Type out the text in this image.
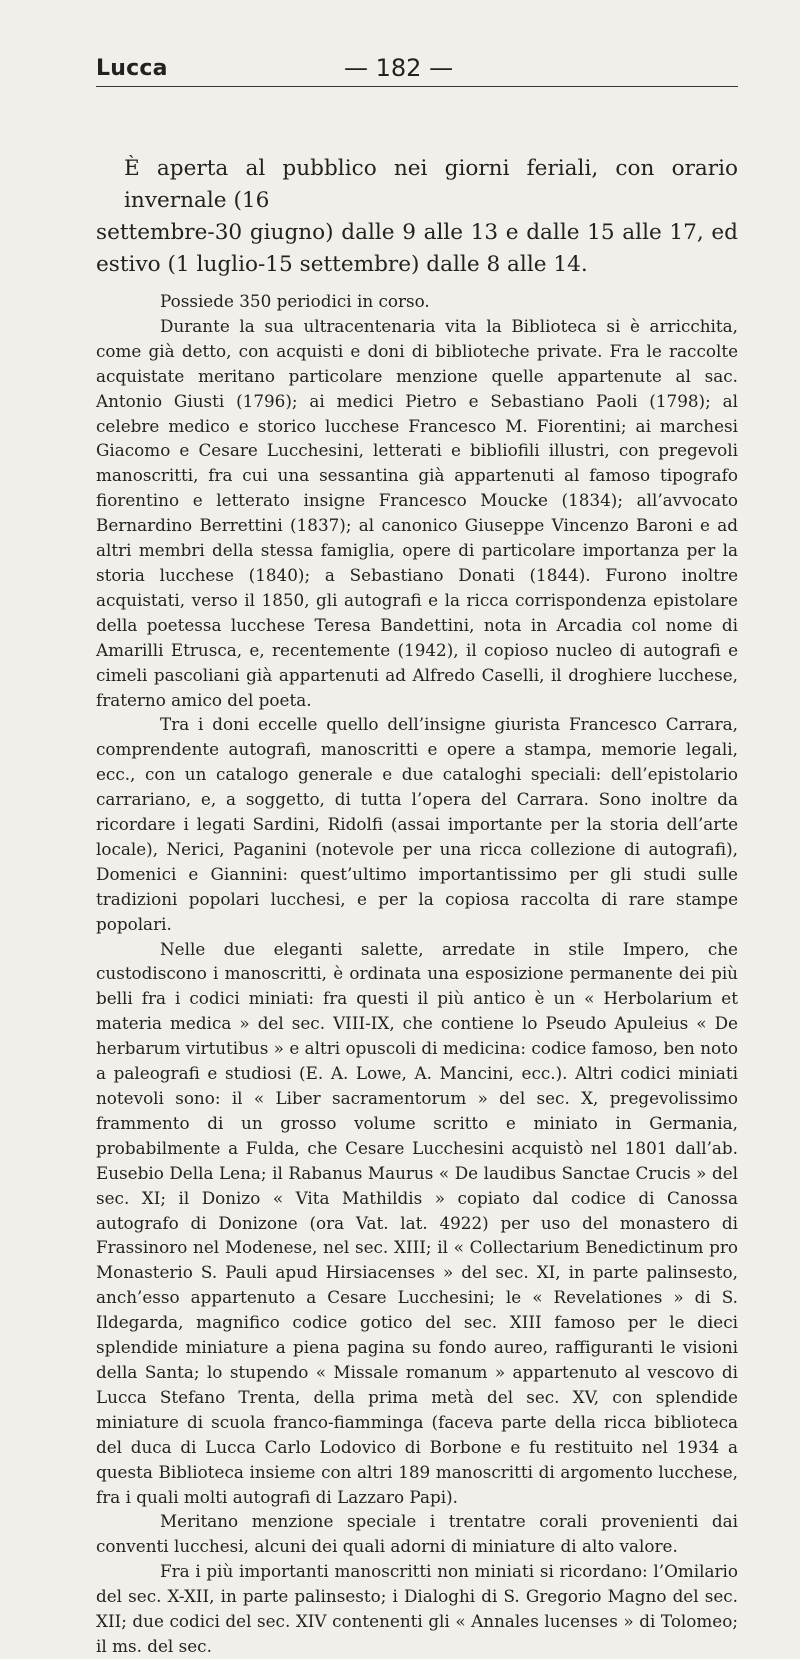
Lucca	— 182 —

È aperta al pubblico nei giorni feriali, con orario invernale (16
settembre-30 giugno) dalle 9 alle 13 e dalle 15 alle 17, ed estivo (1 luglio-15 settembre) dalle 8 alle 14.

Possiede 350 periodici in corso.

Durante la sua ultracentenaria vita la Biblioteca si è arricchita, come già detto, con acquisti e doni di biblioteche private. Fra le raccolte acquistate meritano particolare menzione quelle appartenute al sac. Antonio Giusti (1796); ai medici Pietro e Sebastiano Paoli (1798); al celebre medico e storico lucchese Francesco M. Fiorentini; ai marchesi Giacomo e Cesare Lucchesini, letterati e bibliofili illustri, con pregevoli manoscritti, fra cui una sessantina già appartenuti al famoso tipografo fiorentino e letterato insigne Francesco Moucke (1834); all’avvocato Bernardino Berrettini (1837); al canonico Giuseppe Vincenzo Baroni e ad altri membri della stessa famiglia, opere di particolare importanza per la storia lucchese (1840); a Sebastiano Donati (1844). Furono inoltre acquistati, verso il 1850, gli autografi e la ricca corrispondenza epistolare della poetessa lucchese Teresa Bandettini, nota in Arcadia col nome di Amarilli Etrusca, e, recentemente (1942), il copioso nucleo di autografi e cimeli pascoliani già appartenuti ad Alfredo Caselli, il droghiere lucchese, fraterno amico del poeta.

Tra i doni eccelle quello dell’insigne giurista Francesco Carrara, comprendente autografi, manoscritti e opere a stampa, memorie legali, ecc., con un catalogo generale e due cataloghi speciali: dell’epistolario carrariano, e, a soggetto, di tutta l’opera del Carrara. Sono inoltre da ricordare i legati Sardini, Ridolfi (assai importante per la storia dell’arte locale), Nerici, Paganini (notevole per una ricca collezione di autografi), Domenici e Giannini: quest’ultimo importantissimo per gli studi sulle tradizioni popolari lucchesi, e per la copiosa raccolta di rare stampe popolari.

Nelle due eleganti salette, arredate in stile Impero, che custodiscono i manoscritti, è ordinata una esposizione permanente dei più belli fra i codici miniati: fra questi il più antico è un « Herbolarium et materia medica » del sec. VIII-IX, che contiene lo Pseudo Apuleius « De herbarum virtutibus » e altri opuscoli di medicina: codice famoso, ben noto a paleografi e studiosi (E. A. Lowe, A. Mancini, ecc.). Altri codici miniati notevoli sono: il « Liber sacramentorum » del sec. X, pregevolissimo frammento di un grosso volume scritto e miniato in Germania, probabilmente a Fulda, che Cesare Lucchesini acquistò nel 1801 dall’ab. Eusebio Della Lena; il Rabanus Maurus « De laudibus Sanctae Crucis » del sec. XI; il Donizo « Vita Mathildis » copiato dal codice di Canossa autografo di Donizone (ora Vat. lat. 4922) per uso del monastero di Frassinoro nel Modenese, nel sec. XIII; il « Collectarium Benedictinum pro Monasterio S. Pauli apud Hirsiacenses » del sec. XI, in parte palinsesto, anch’esso appartenuto a Cesare Lucchesini; le « Revelationes » di S. Ildegarda, magnifico codice gotico del sec. XIII famoso per le dieci splendide miniature a piena pagina su fondo aureo, raffiguranti le visioni della Santa; lo stupendo « Missale romanum » appartenuto al vescovo di Lucca Stefano Trenta, della prima metà del sec. XV, con splendide miniature di scuola franco-fiamminga (faceva parte della ricca biblioteca del duca di Lucca Carlo Lodovico di Borbone e fu restituito nel 1934 a questa Biblioteca insieme con altri 189 manoscritti di argomento lucchese, fra i quali molti autografi di Lazzaro Papi).

Meritano menzione speciale i trentatre corali provenienti dai conventi lucchesi, alcuni dei quali adorni di miniature di alto valore.

Fra i più importanti manoscritti non miniati si ricordano: l’Omilario del sec. X-XII, in parte palinsesto; i Dialoghi di S. Gregorio Magno del sec. XII; due codici del sec. XIV contenenti gli « Annales lucenses » di Tolomeo; il ms. del sec.
